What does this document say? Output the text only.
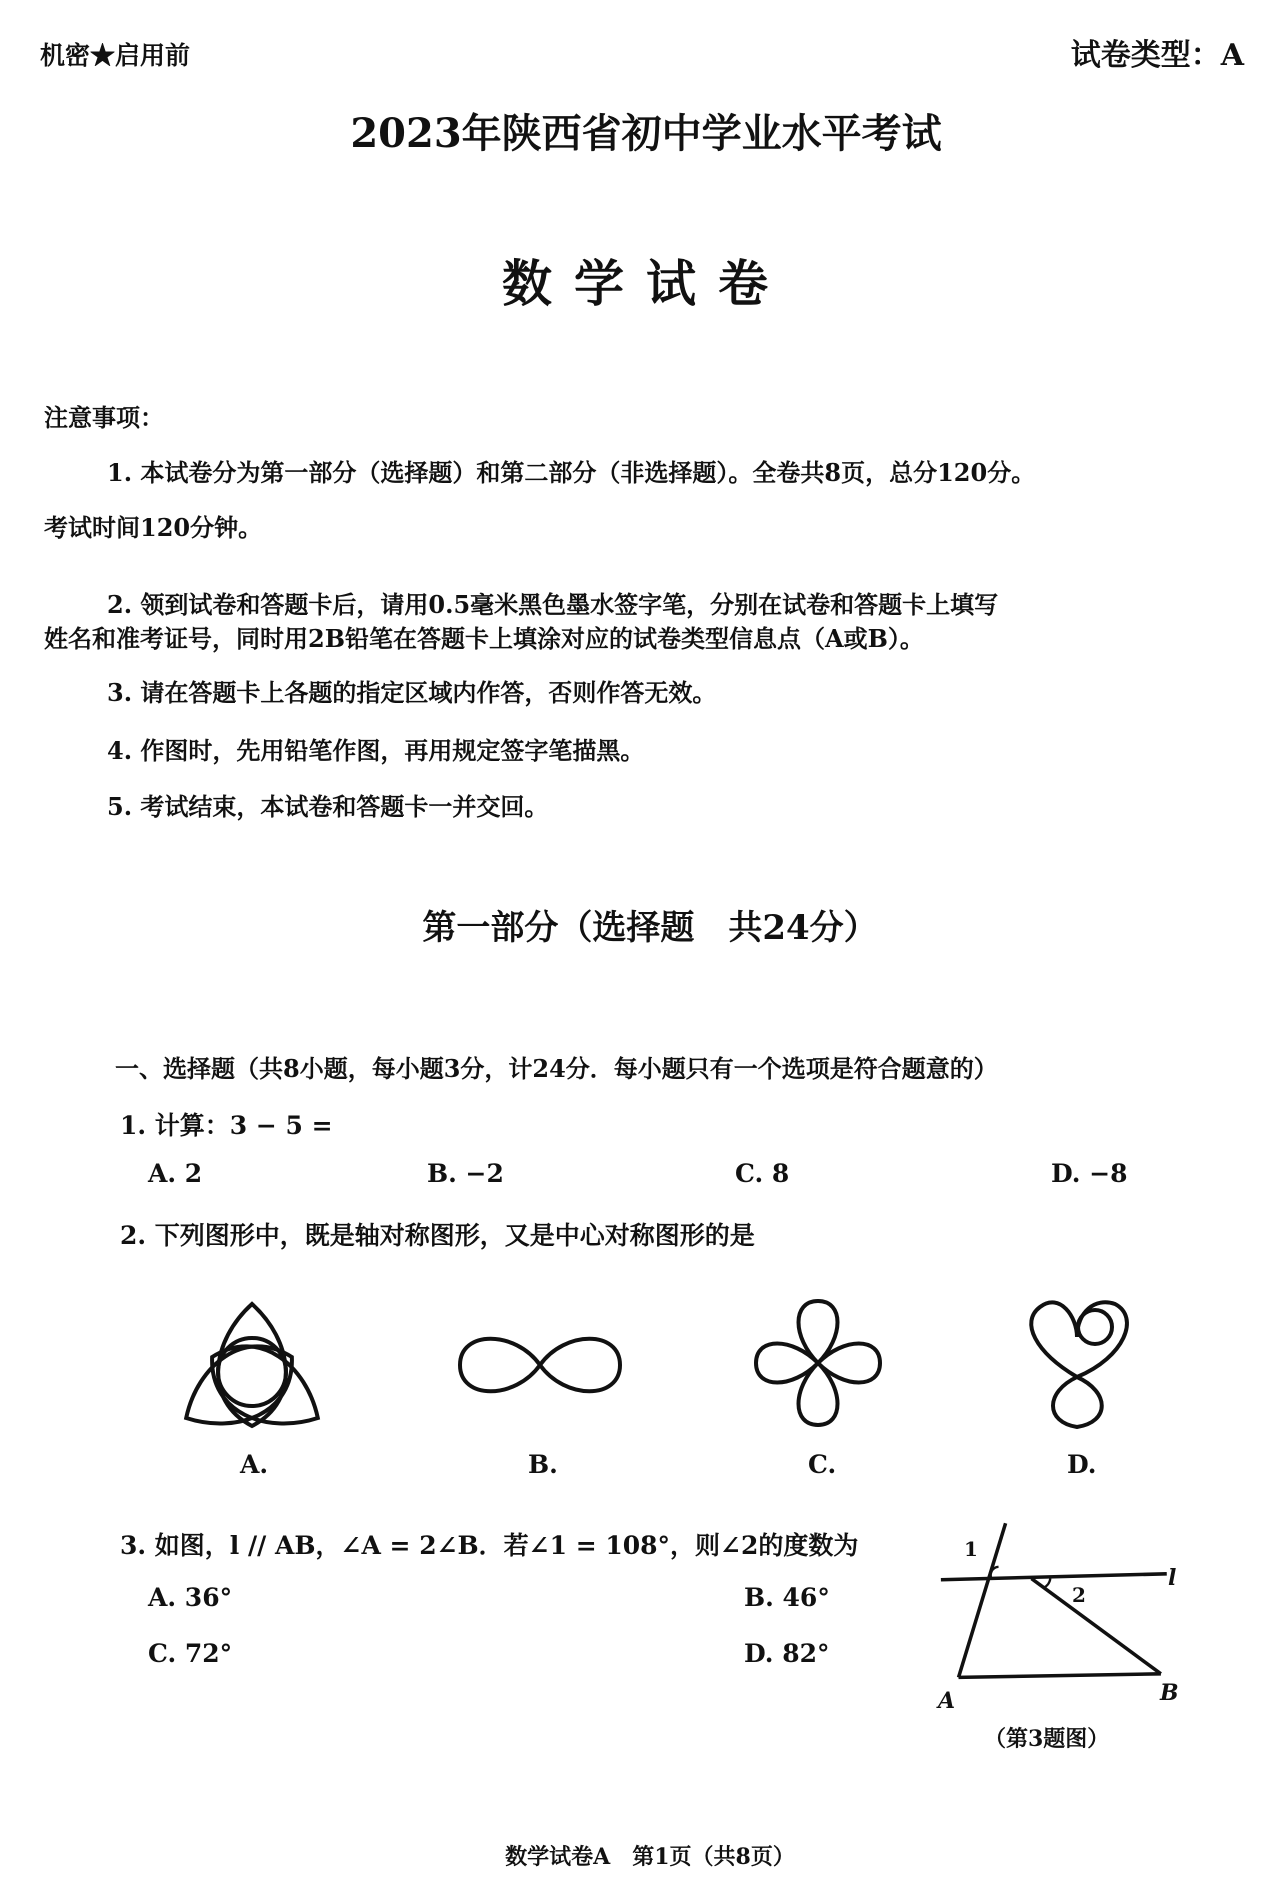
机密★启用前	试卷类型：A
2023年陕西省初中学业水平考试
数学试卷
注意事项：
1. 本试卷分为第一部分（选择题）和第二部分（非选择题）。全卷共8页，总分120分。
考试时间120分钟。
2. 领到试卷和答题卡后，请用0.5毫米黑色墨水签字笔，分别在试卷和答题卡上填写
姓名和准考证号，同时用2B铅笔在答题卡上填涂对应的试卷类型信息点（A或B）。
3. 请在答题卡上各题的指定区域内作答，否则作答无效。
4. 作图时，先用铅笔作图，再用规定签字笔描黑。
5. 考试结束，本试卷和答题卡一并交回。
第一部分（选择题　共24分）
一、选择题（共8小题，每小题3分，计24分．每小题只有一个选项是符合题意的）
1. 计算：3 − 5 =
A. 2	B. −2	C. 8	D. −8
2. 下列图形中，既是轴对称图形，又是中心对称图形的是
A.	B.	C.	D.
3. 如图，l // AB，∠A = 2∠B．若∠1 = 108°，则∠2的度数为
A. 36°	B. 46°
C. 72°	D. 82°
1
2
l
A	B
（第3题图）
数学试卷A　第1页（共8页）
